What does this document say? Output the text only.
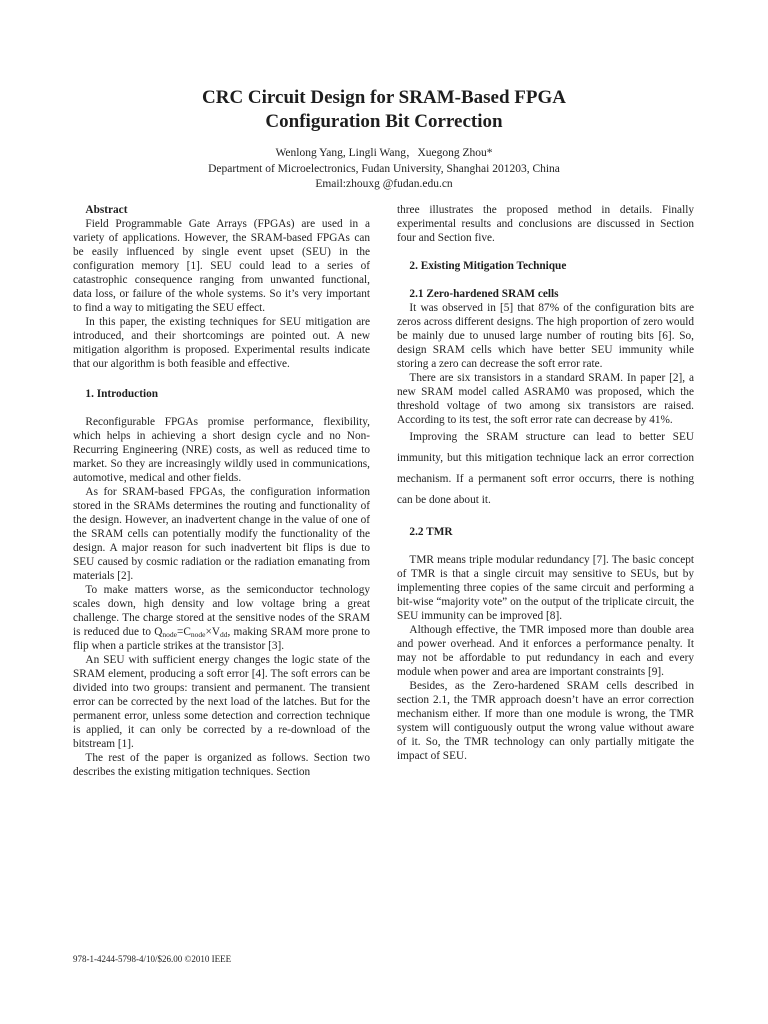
CRC Circuit Design for SRAM-Based FPGA
Configuration Bit Correction
Wenlong Yang, Lingli Wang，Xuegong Zhou*
Department of Microelectronics, Fudan University, Shanghai 201203, China
Email:zhouxg @fudan.edu.cn

Abstract

Field Programmable Gate Arrays (FPGAs) are used in a variety of applications. However, the SRAM-based FPGAs can be easily influenced by single event upset (SEU) in the configuration memory [1]. SEU could lead to a series of catastrophic consequence ranging from unwanted functional, data loss, or failure of the whole systems. So it’s very important to find a way to mitigating the SEU effect.

In this paper, the existing techniques for SEU mitigation are introduced, and their shortcomings are pointed out. A new mitigation algorithm is proposed. Experimental results indicate that our algorithm is both feasible and effective.

1. Introduction

Reconfigurable FPGAs promise performance, flexibility, which helps in achieving a short design cycle and no Non-Recurring Engineering (NRE) costs, as well as reduced time to market. So they are increasingly wildly used in communications, automotive, medical and other fields.

As for SRAM-based FPGAs, the configuration information stored in the SRAMs determines the routing and functionality of the design. However, an inadvertent change in the value of one of the SRAM cells can potentially modify the functionality of the design. A major reason for such inadvertent bit flips is due to SEU caused by cosmic radiation or the radiation emanating from materials [2].

To make matters worse, as the semiconductor technology scales down, high density and low voltage bring a great challenge. The charge stored at the sensitive nodes of the SRAM is reduced due to $Q_{node}=C_{node}\times V_{dd}$, making SRAM more prone to flip when a particle strikes at the transistor [3].

An SEU with sufficient energy changes the logic state of the SRAM element, producing a soft error [4]. The soft errors can be divided into two groups: transient and permanent. The transient error can be corrected by the next load of the latches. But for the permanent error, unless some detection and correction technique is applied, it can only be corrected by a re-download of the bitstream [1].

The rest of the paper is organized as follows. Section two describes the existing mitigation techniques. Section

three illustrates the proposed method in details. Finally experimental results and conclusions are discussed in Section four and Section five.

2. Existing Mitigation Technique

2.1 Zero-hardened SRAM cells

It was observed in [5] that 87% of the configuration bits are zeros across different designs. The high proportion of zero would be mainly due to unused large number of routing bits [6]. So, design SRAM cells which have better SEU immunity while storing a zero can decrease the soft error rate.

There are six transistors in a standard SRAM. In paper [2], a new SRAM model called ASRAM0 was proposed, which the threshold voltage of two among six transistors are raised. According to its test, the soft error rate can decrease by 41%.

Improving the SRAM structure can lead to better SEU immunity, but this mitigation technique lack an error correction mechanism. If a permanent soft error occurrs, there is nothing can be done about it.

2.2 TMR

TMR means triple modular redundancy [7]. The basic concept of TMR is that a single circuit may sensitive to SEUs, but by implementing three copies of the same circuit and performing a bit-wise “majority vote” on the output of the triplicate circuit, the SEU immunity can be improved [8].

Although effective, the TMR imposed more than double area and power overhead. And it enforces a performance penalty. It may not be affordable to put redundancy in each and every module when power and area are important constraints [9].

Besides, as the Zero-hardened SRAM cells described in section 2.1, the TMR approach doesn’t have an error correction mechanism either. If more than one module is wrong, the TMR system will contiguously output the wrong value without aware of it. So, the TMR technology can only partially mitigate the impact of SEU.

978-1-4244-5798-4/10/$26.00 ©2010 IEEE
